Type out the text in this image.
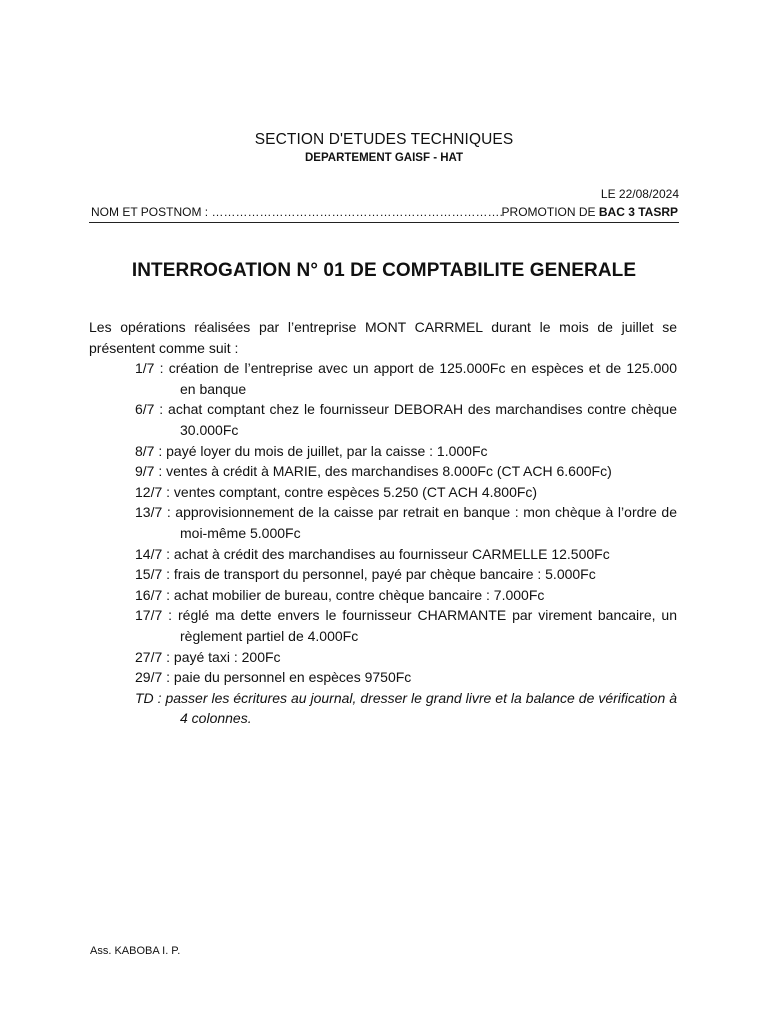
SECTION D'ETUDES TECHNIQUES
DEPARTEMENT GAISF - HAT
LE 22/08/2024
NOM ET POSTNOM : ……………………………………………………………….
PROMOTION DE BAC 3 TASRP
INTERROGATION N° 01 DE COMPTABILITE GENERALE
Les opérations réalisées par l’entreprise MONT CARRMEL durant le mois de juillet se présentent comme suit :
1/7 : création de l’entreprise avec un apport de 125.000Fc en espèces et de 125.000 en banque
6/7 : achat comptant chez le fournisseur DEBORAH des marchandises contre chèque 30.000Fc
8/7 : payé loyer du mois de juillet, par la caisse : 1.000Fc
9/7 : ventes à crédit à MARIE, des marchandises 8.000Fc (CT ACH 6.600Fc)
12/7 : ventes comptant, contre espèces 5.250 (CT ACH 4.800Fc)
13/7 : approvisionnement de la caisse par retrait en banque : mon chèque à l’ordre de moi-même 5.000Fc
14/7 : achat à crédit des marchandises au fournisseur CARMELLE 12.500Fc
15/7 : frais de transport du personnel, payé par chèque bancaire : 5.000Fc
16/7 : achat mobilier de bureau, contre chèque bancaire : 7.000Fc
17/7 : réglé ma dette envers le fournisseur CHARMANTE par virement bancaire, un règlement partiel de 4.000Fc
27/7 : payé taxi : 200Fc
29/7 : paie du personnel en espèces 9750Fc
TD : passer les écritures au journal, dresser le grand livre et la balance de vérification à 4 colonnes.
Ass. KABOBA I. P.
